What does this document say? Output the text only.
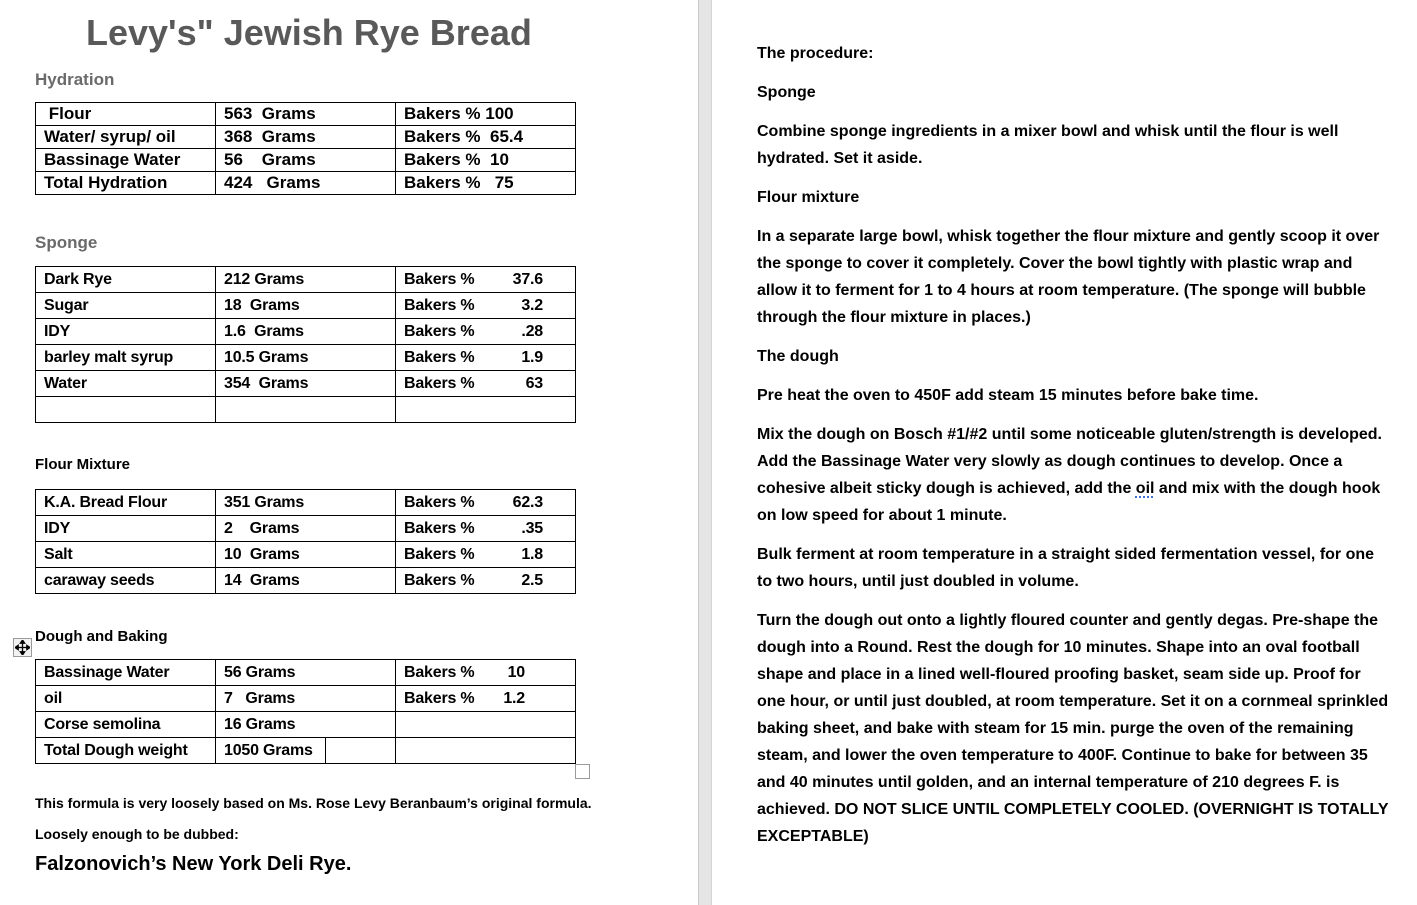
Levy's" Jewish Rye Bread
Hydration
Flour	563  Grams	Bakers % 100
Water/ syrup/ oil	368  Grams	Bakers %  65.4
Bassinage Water	56    Grams	Bakers %  10
Total Hydration	424   Grams	Bakers %   75
Sponge
Dark Rye	212 Grams	Bakers % 37.6

Sugar	18  Grams	Bakers % 3.2

IDY	1.6  Grams	Bakers % .28

barley malt syrup	10.5 Grams	Bakers % 1.9

Water	354  Grams	Bakers % 63

Flour Mixture
K.A. Bread Flour	351 Grams	Bakers % 62.3

IDY	2    Grams	Bakers % .35

Salt	10  Grams	Bakers % 1.8

caraway seeds	14  Grams	Bakers % 2.5
Dough and Baking
Bassinage Water	56 Grams		Bakers % 10

oil	7   Grams		Bakers % 1.2

Corse semolina	16 Grams		

Total Dough weight	1050 Grams		
This formula is very loosely based on Ms. Rose Levy Beranbaum’s original formula.
Loosely enough to be dubbed:
Falzonovich’s New York Deli Rye.
The procedure:
Sponge
Combine sponge ingredients in a mixer bowl and whisk until the flour is well hydrated. Set it aside.
Flour mixture
In a separate large bowl, whisk together the flour mixture and gently scoop it over the sponge to cover it completely. Cover the bowl tightly with plastic wrap and allow it to ferment for 1 to 4 hours at room temperature. (The sponge will bubble through the flour mixture in places.)
The dough
Pre heat the oven to 450F add steam 15 minutes before bake time.
Mix the dough on Bosch #1/#2 until some noticeable gluten/strength is developed. Add the Bassinage Water very slowly as dough continues to develop. Once a cohesive albeit sticky dough is achieved, add the oil and mix with the dough hook on low speed for about 1 minute.
Bulk ferment at room temperature in a straight sided fermentation vessel, for one to two hours, until just doubled in volume.
Turn the dough out onto a lightly floured counter and gently degas. Pre-shape the dough into a Round. Rest the dough for 10 minutes. Shape into an oval football shape and place in a lined well-floured proofing basket, seam side up. Proof for one hour, or until just doubled, at room temperature. Set it on a cornmeal sprinkled baking sheet, and bake with steam for 15 min. purge the oven of the remaining steam, and lower the oven temperature to 400F. Continue to bake for between 35 and 40 minutes until golden, and an internal temperature of 210 degrees F. is achieved. DO NOT SLICE UNTIL COMPLETELY COOLED. (OVERNIGHT IS TOTALLY EXCEPTABLE)
